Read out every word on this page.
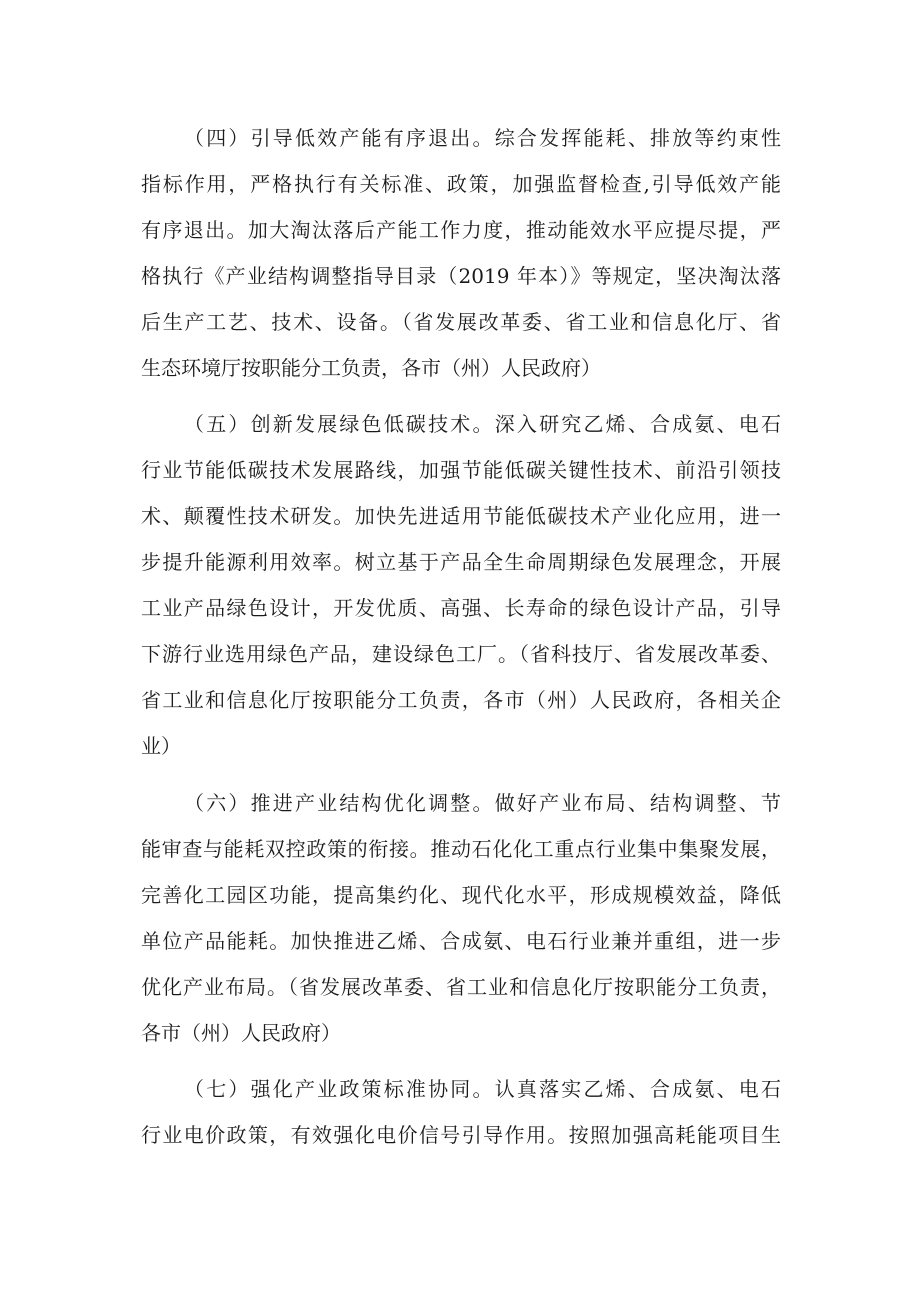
（四）引导低效产能有序退出。综合发挥能耗、排放等约束性
指标作用，严格执行有关标准、政策，加强监督检查,引导低效产能
有序退出。加大淘汰落后产能工作力度，推动能效水平应提尽提，严
格执行《产业结构调整指导目录（2019 年本）》等规定，坚决淘汰落
后生产工艺、技术、设备。（省发展改革委、省工业和信息化厅、省
生态环境厅按职能分工负责，各市（州）人民政府）
（五）创新发展绿色低碳技术。深入研究乙烯、合成氨、电石
行业节能低碳技术发展路线，加强节能低碳关键性技术、前沿引领技
术、颠覆性技术研发。加快先进适用节能低碳技术产业化应用，进一
步提升能源利用效率。树立基于产品全生命周期绿色发展理念，开展
工业产品绿色设计，开发优质、高强、长寿命的绿色设计产品，引导
下游行业选用绿色产品，建设绿色工厂。（省科技厅、省发展改革委、
省工业和信息化厅按职能分工负责，各市（州）人民政府，各相关企
业）
（六）推进产业结构优化调整。做好产业布局、结构调整、节
能审查与能耗双控政策的衔接。推动石化化工重点行业集中集聚发展，
完善化工园区功能，提高集约化、现代化水平，形成规模效益，降低
单位产品能耗。加快推进乙烯、合成氨、电石行业兼并重组，进一步
优化产业布局。（省发展改革委、省工业和信息化厅按职能分工负责，
各市（州）人民政府）
（七）强化产业政策标准协同。认真落实乙烯、合成氨、电石
行业电价政策，有效强化电价信号引导作用。按照加强高耗能项目生
